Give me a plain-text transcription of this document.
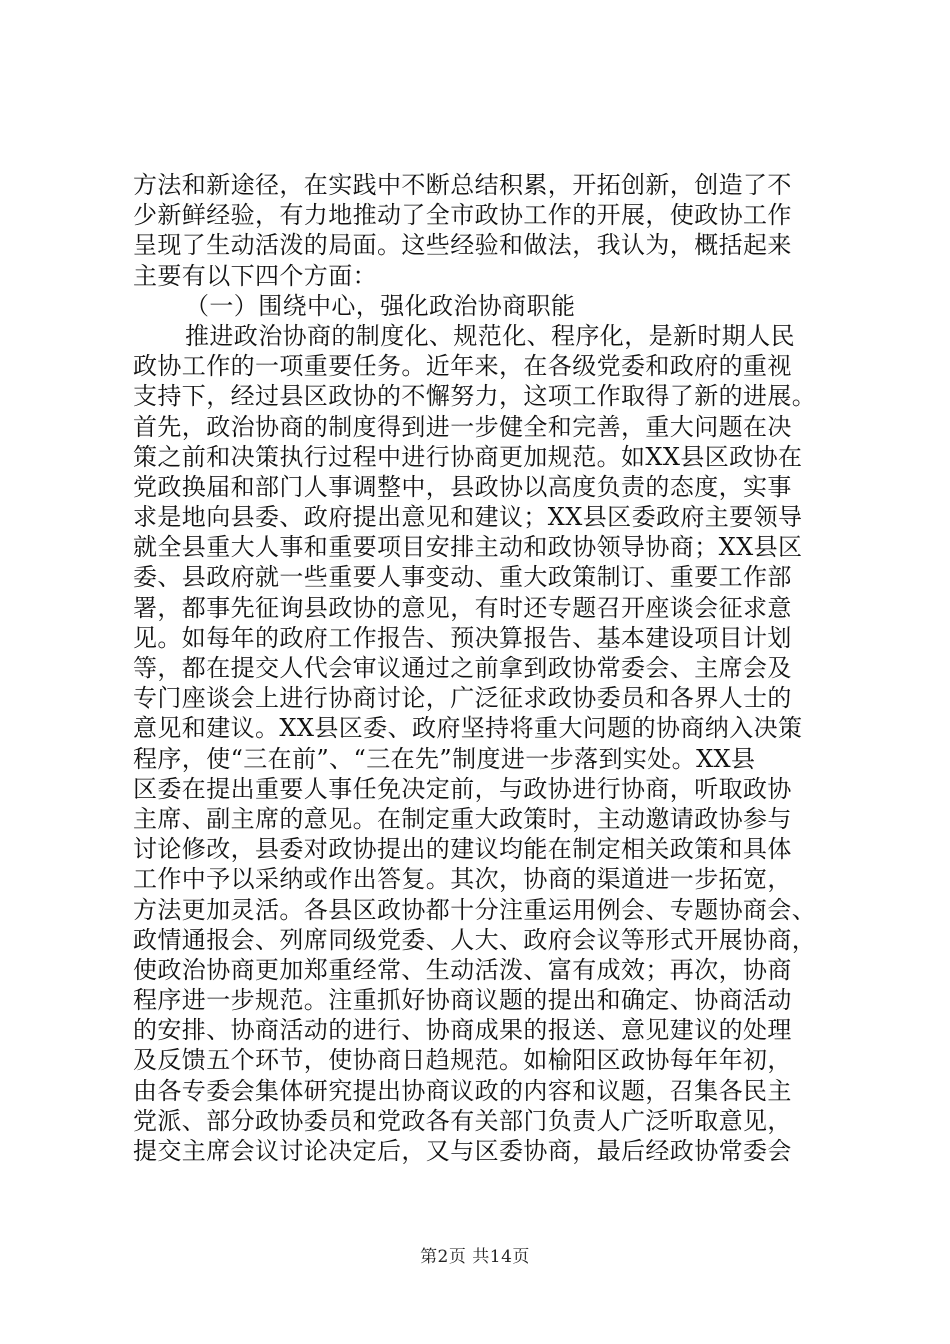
方法和新途径，在实践中不断总结积累，开拓创新，创造了不
少新鲜经验，有力地推动了全市政协工作的开展，使政协工作
呈现了生动活泼的局面。这些经验和做法，我认为，概括起来
主要有以下四个方面：
（一）围绕中心，强化政治协商职能
推进政治协商的制度化、规范化、程序化，是新时期人民
政协工作的一项重要任务。近年来，在各级党委和政府的重视
支持下，经过县区政协的不懈努力，这项工作取得了新的进展。
首先，政治协商的制度得到进一步健全和完善，重大问题在决
策之前和决策执行过程中进行协商更加规范。如XX县区政协在
党政换届和部门人事调整中，县政协以高度负责的态度，实事
求是地向县委、政府提出意见和建议；XX县区委政府主要领导
就全县重大人事和重要项目安排主动和政协领导协商；XX县区
委、县政府就一些重要人事变动、重大政策制订、重要工作部
署，都事先征询县政协的意见，有时还专题召开座谈会征求意
见。如每年的政府工作报告、预决算报告、基本建设项目计划
等，都在提交人代会审议通过之前拿到政协常委会、主席会及
专门座谈会上进行协商讨论，广泛征求政协委员和各界人士的
意见和建议。XX县区委、政府坚持将重大问题的协商纳入决策
程序，使“三在前”、“三在先”制度进一步落到实处。XX县
区委在提出重要人事任免决定前，与政协进行协商，听取政协
主席、副主席的意见。在制定重大政策时，主动邀请政协参与
讨论修改，县委对政协提出的建议均能在制定相关政策和具体
工作中予以采纳或作出答复。其次，协商的渠道进一步拓宽，
方法更加灵活。各县区政协都十分注重运用例会、专题协商会、
政情通报会、列席同级党委、人大、政府会议等形式开展协商，
使政治协商更加郑重经常、生动活泼、富有成效；再次，协商
程序进一步规范。注重抓好协商议题的提出和确定、协商活动
的安排、协商活动的进行、协商成果的报送、意见建议的处理
及反馈五个环节，使协商日趋规范。如榆阳区政协每年年初，
由各专委会集体研究提出协商议政的内容和议题，召集各民主
党派、部分政协委员和党政各有关部门负责人广泛听取意见，
提交主席会议讨论决定后，又与区委协商，最后经政协常委会
第2页 共14页
